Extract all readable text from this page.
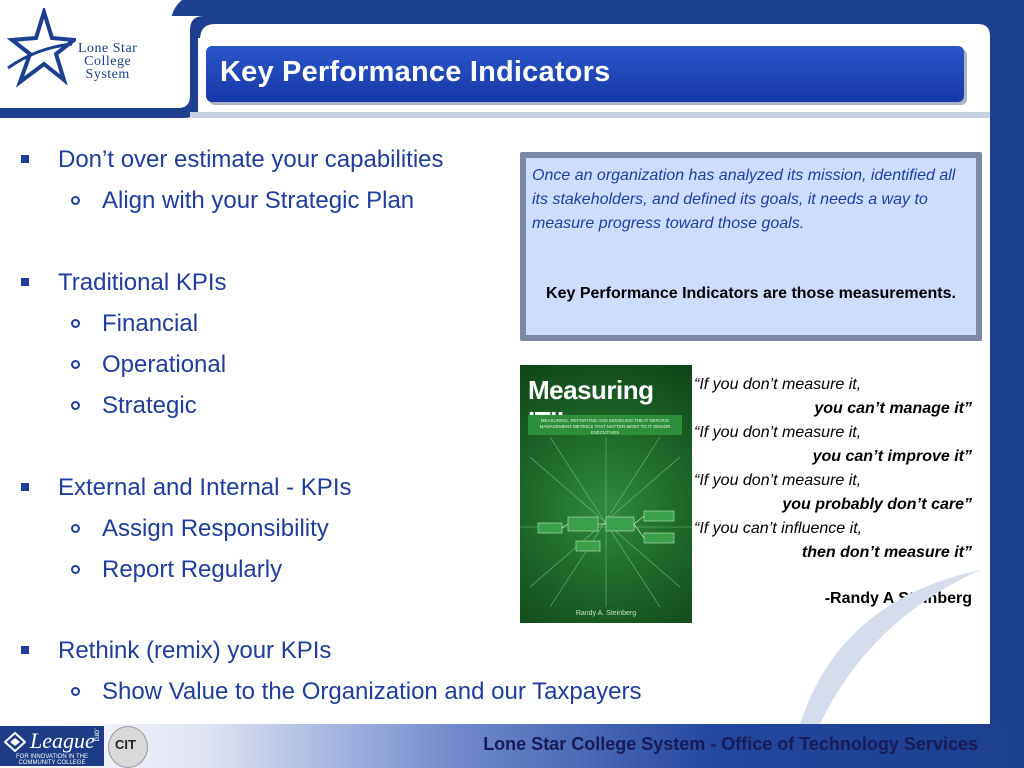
Lone Star
College
System	Key Performance Indicators
Don’t over estimate your capabilities
Align with your Strategic Plan
Traditional KPIs
Financial
Operational
Strategic
External and Internal - KPIs
Assign Responsibility
Report Regularly
Rethink (remix) your KPIs
Show Value to the Organization and our Taxpayers
Once an organization has analyzed its mission, identified all its stakeholders, and defined its goals, it needs a way to measure progress toward those goals.
Key Performance Indicators are those measurements.
Measuring
MEASURING, REPORTING AND MODELING THE IT SERVICE MANAGEMENT METRICS THAT MATTER MOST TO IT SENIOR EXECUTIVES
Randy A. Steinberg
“If you don’t measure it,
you can’t manage it”
“If you don’t measure it,
you can’t improve it”
“If you don’t measure it,
you probably don’t care”
“If you can’t influence it,
then don’t measure it”
-Randy A Steinberg
Lone Star College System - Office of Technology Services
League
.org
FOR INNOVATION IN THE COMMUNITY COLLEGE
CIT
